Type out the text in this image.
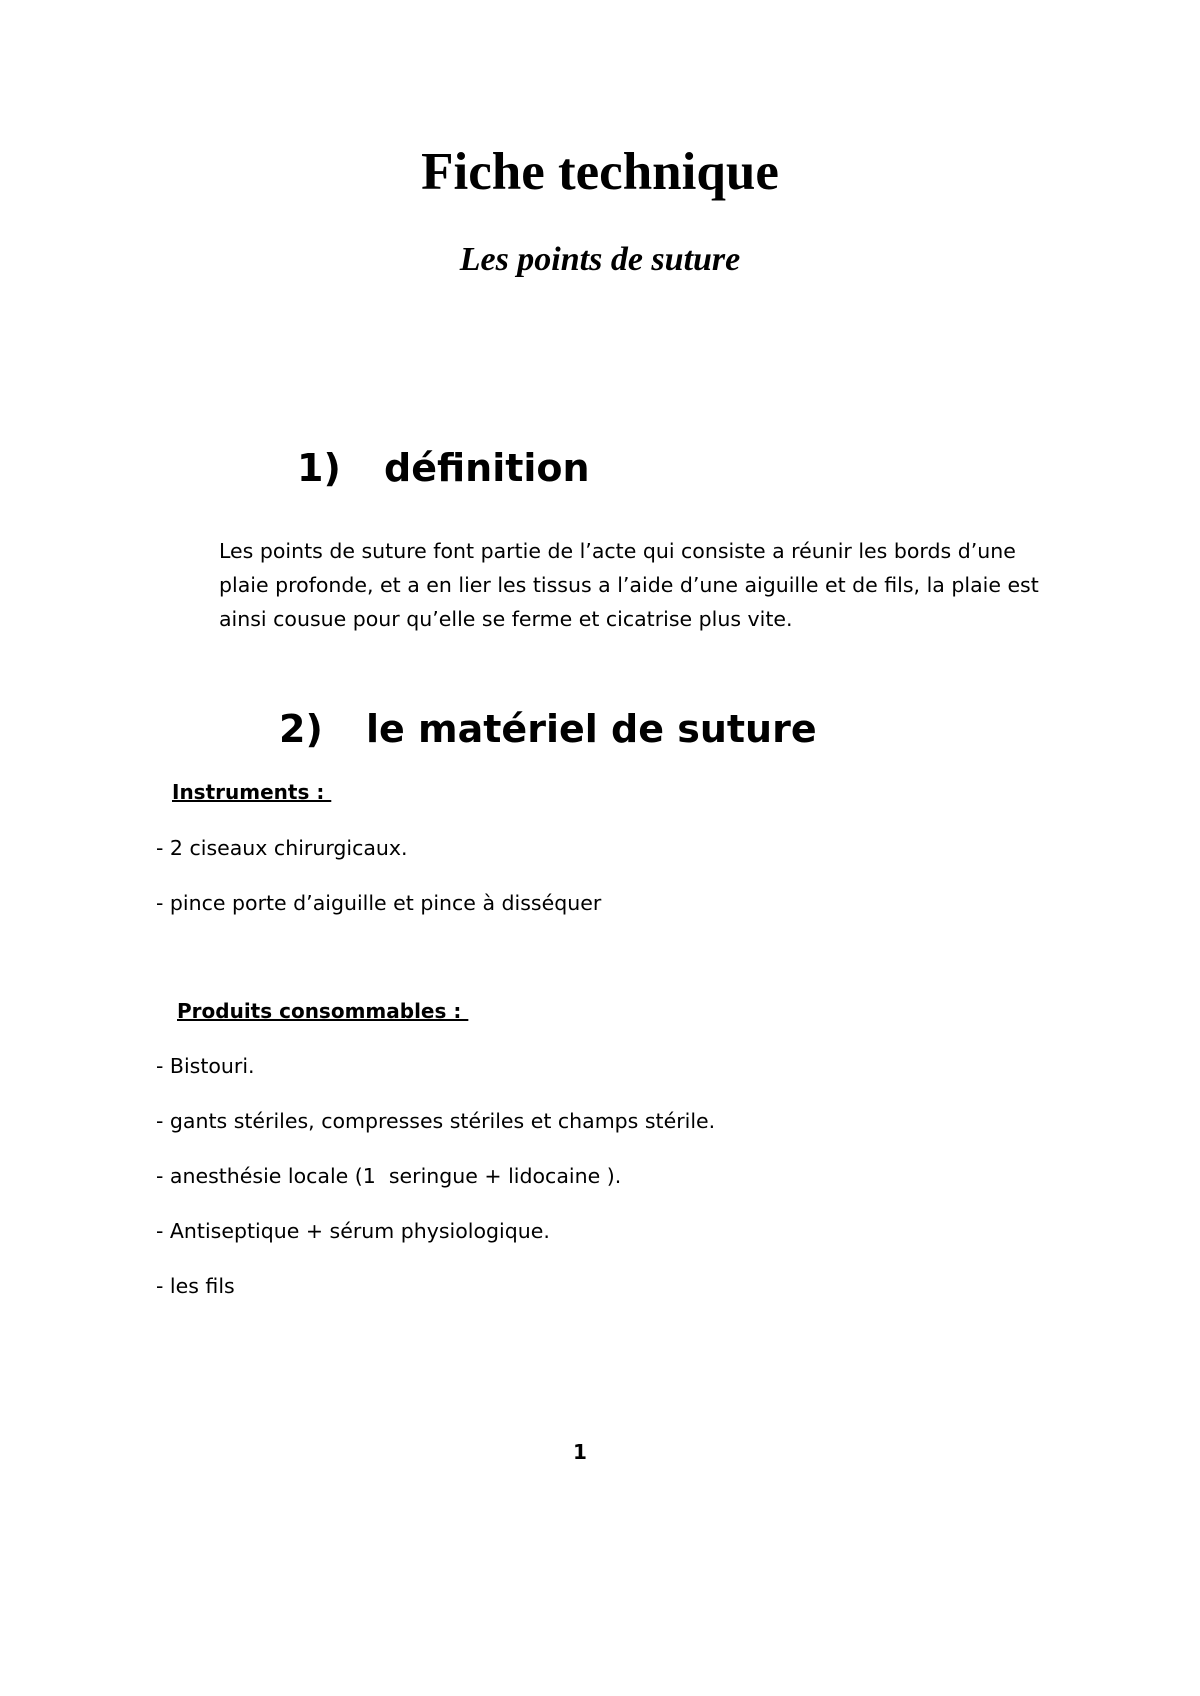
Fiche technique
Les points de suture
1) définition

Les points de suture font partie de l’acte qui consiste a réunir les bords d’une plaie profonde, et a en lier les tissus a l’aide d’une aiguille et de fils, la plaie est ainsi cousue pour qu’elle se ferme et cicatrise plus vite.

2) le matériel de suture
Instruments :
- 2 ciseaux chirurgicaux.
- pince porte d’aiguille et pince à disséquer
Produits consommables :
- Bistouri.
- gants stériles, compresses stériles et champs stérile.
- anesthésie locale (1  seringue + lidocaine ).
- Antiseptique + sérum physiologique.
- les fils
1
